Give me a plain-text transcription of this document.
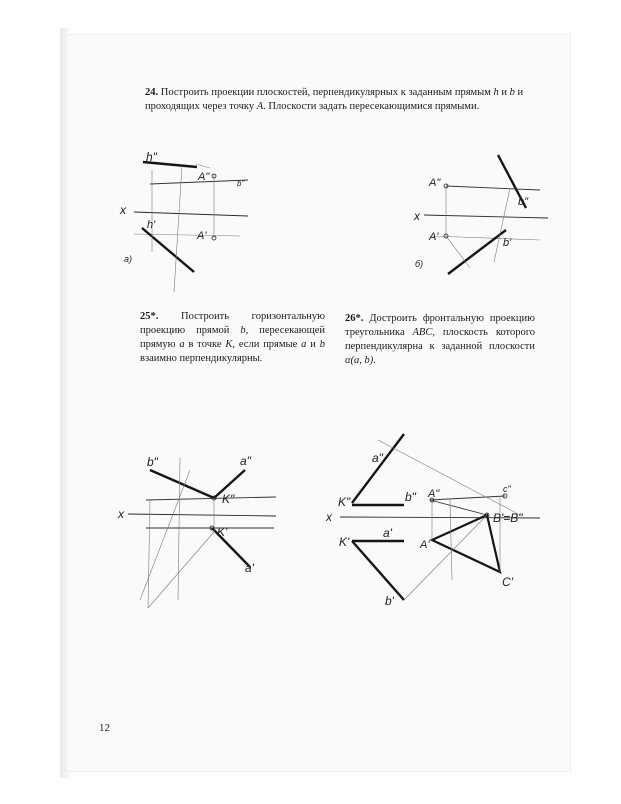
24. Построить проекции плоскостей, перпендикулярных к заданным прямым h и b и проходящих через точку A. Плоскости задать пересекающимися прямыми.
h"
A"
b"
x
h'
A'
а)
A"
b"
x
A'	b'
б)
25*. Построить горизонтальную проекцию прямой b, пересекающей прямую a в точке K, если прямые a и b взаимно перпендикулярны.
26*. Достроить фронтальную проекцию треугольника ABC, плоскость которого перпендикулярна к заданной плоскости α(a, b).
b"	a"
K"
x
K'
a'
a"
K"	b" A"	c"
x	B'=B"
K'
a'
A'
C'
b'
12
